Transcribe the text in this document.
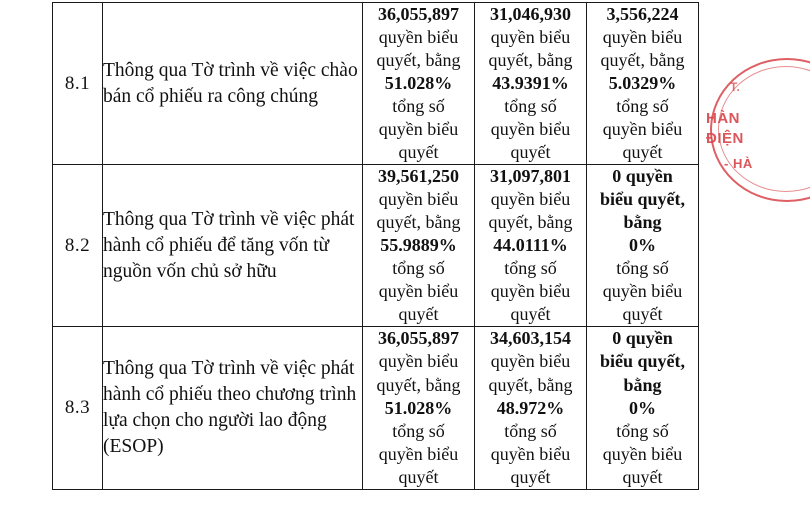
8.1	Thông qua Tờ trình về việc chào bán cổ phiếu ra công chúng	
36,055,897
quyền biểu
quyết, bằng
51.028%
tổng số
quyền biểu
quyết

31,046,930
quyền biểu
quyết, bằng
43.9391%
tổng số
quyền biểu
quyết

3,556,224
quyền biểu
quyết, bằng
5.0329%
tổng số
quyền biểu
quyết

8.2	Thông qua Tờ trình về việc phát hành cổ phiếu để tăng vốn từ nguồn vốn chủ sở hữu	
39,561,250
quyền biểu
quyết, bằng
55.9889%
tổng số
quyền biểu
quyết

31,097,801
quyền biểu
quyết, bằng
44.0111%
tổng số
quyền biểu
quyết

0 quyền
biểu quyết,
bằng
0%
tổng số
quyền biểu
quyết

8.3	Thông qua Tờ trình về việc phát hành cổ phiếu theo chương trình lựa chọn cho người lao động (ESOP)	
36,055,897
quyền biểu
quyết, bằng
51.028%
tổng số
quyền biểu
quyết

34,603,154
quyền biểu
quyết, bằng
48.972%
tổng số
quyền biểu
quyết

0 quyền
biểu quyết,
bằng
0%
tổng số
quyền biểu
quyết
T.
HÀN
ĐIỆN
- HÀ
